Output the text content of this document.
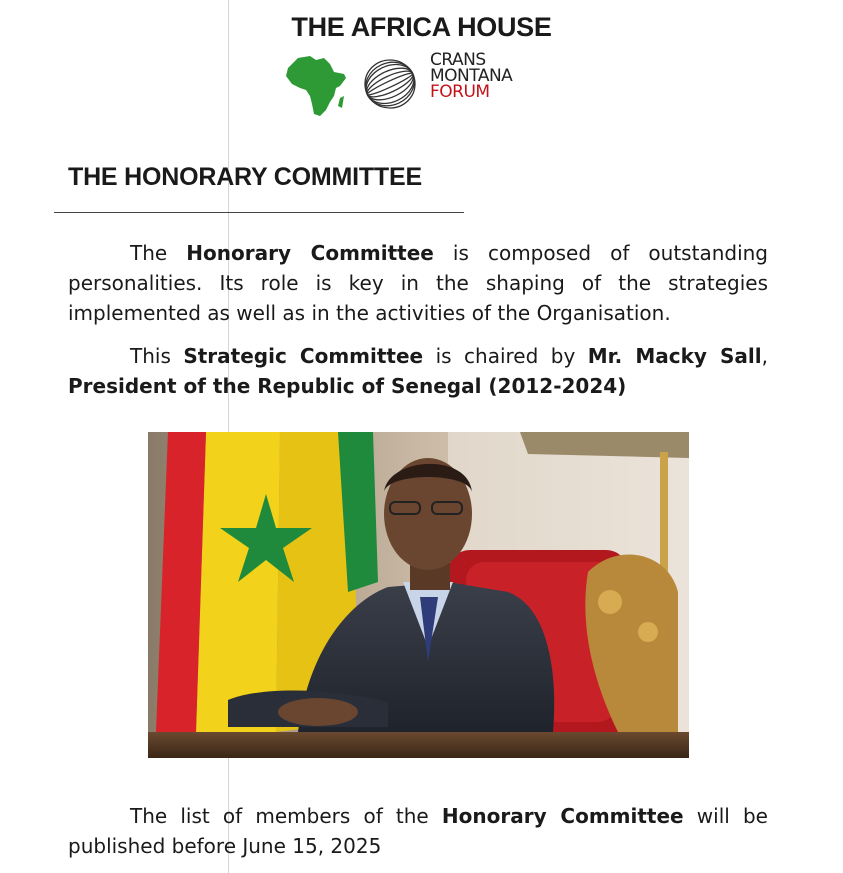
THE AFRICA HOUSE
CRANS
MONTANA
FORUM
THE HONORARY COMMITTEE
The Honorary Committee is composed of outstanding personalities. Its role is key in the shaping of the strategies implemented as well as in the activities of the Organisation.
This Strategic Committee is chaired by Mr. Macky Sall, President of the Republic of Senegal (2012-2024)
The list of members of the Honorary Committee will be published before June 15, 2025
